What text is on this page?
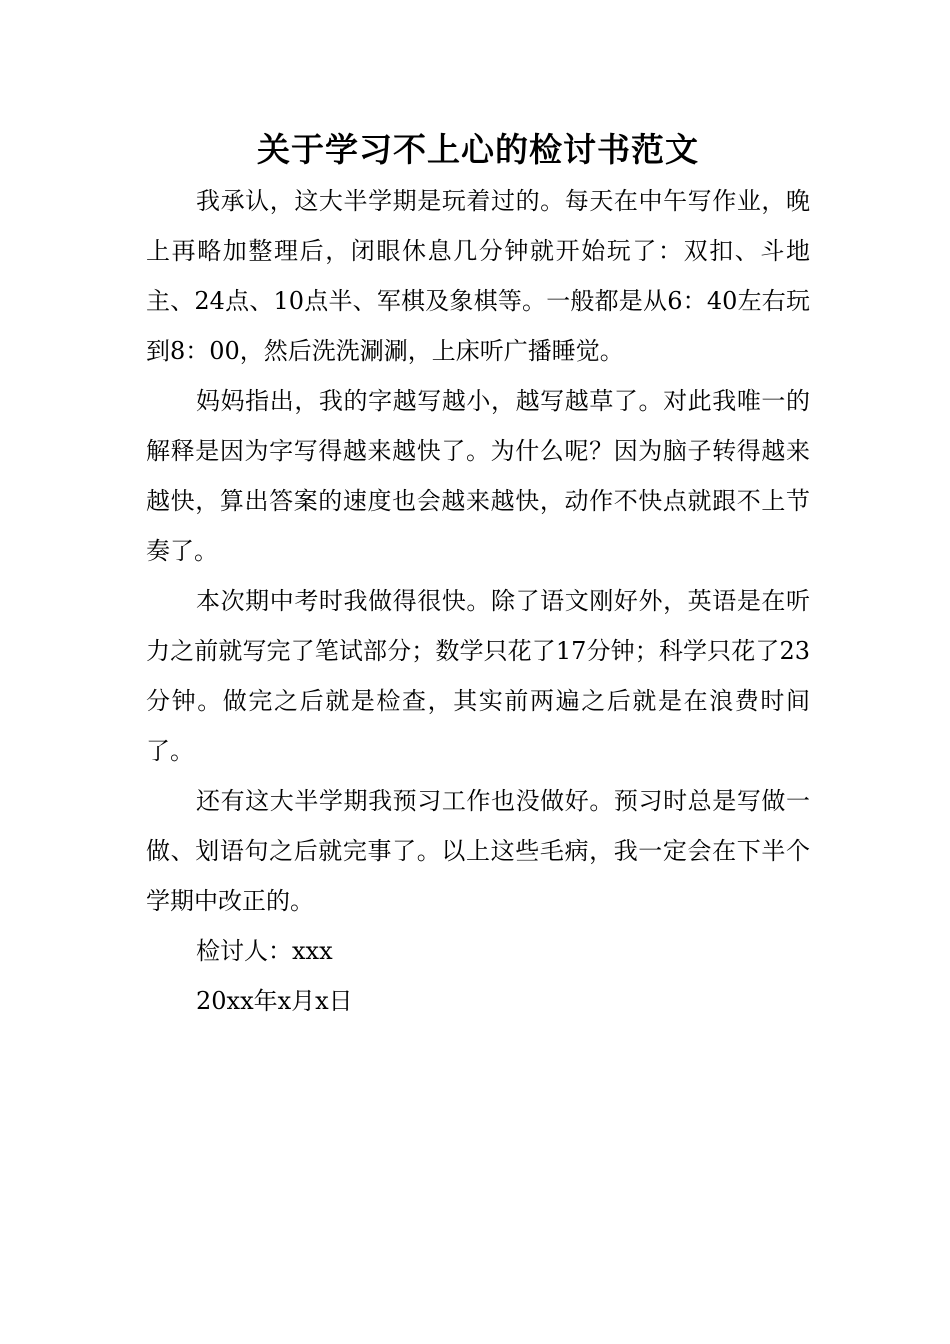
关于学习不上心的检讨书范文

我承认，这大半学期是玩着过的。每天在中午写作业，晚上再略加整理后，闭眼休息几分钟就开始玩了：双扣、斗地主、24点、10点半、军棋及象棋等。一般都是从6：40左右玩到8：00，然后洗洗涮涮，上床听广播睡觉。

妈妈指出，我的字越写越小，越写越草了。对此我唯一的解释是因为字写得越来越快了。为什么呢？因为脑子转得越来越快，算出答案的速度也会越来越快，动作不快点就跟不上节奏了。

本次期中考时我做得很快。除了语文刚好外，英语是在听力之前就写完了笔试部分；数学只花了17分钟；科学只花了23分钟。做完之后就是检查，其实前两遍之后就是在浪费时间了。

还有这大半学期我预习工作也没做好。预习时总是写做一做、划语句之后就完事了。以上这些毛病，我一定会在下半个学期中改正的。

检讨人：xxx

20xx年x月x日
